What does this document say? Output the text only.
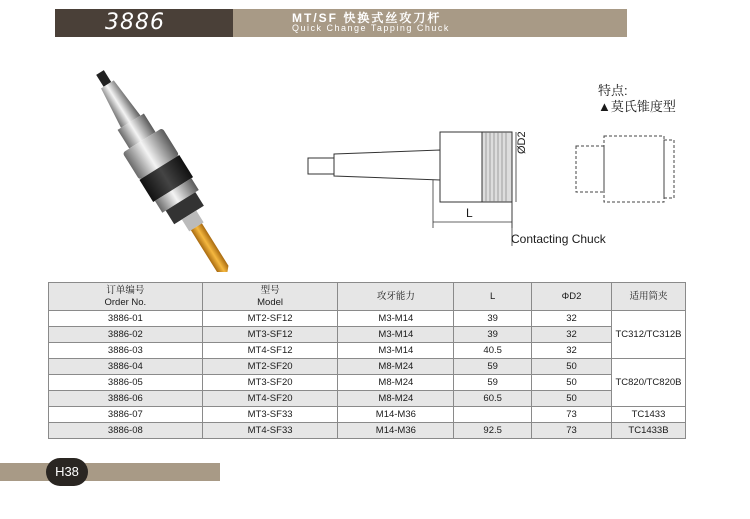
3886	MT/SF 快换式丝攻刀杆
Quick Change Tapping Chuck
ØD2
L
Contacting Chuck
特点:
▲莫氏锥度型
订单编号
Order No.	型号
Model	攻牙能力	L	ΦD2	适用筒夹
3886-01	MT2-SF12	M3-M14	39	32	TC312/TC312B
3886-02	MT3-SF12	M3-M14	39	32	
3886-03	MT4-SF12	M3-M14	40.5	32	
3886-04	MT2-SF20	M8-M24	59	50	TC820/TC820B
3886-05	MT3-SF20	M8-M24	59	50	
3886-06	MT4-SF20	M8-M24	60.5	50	
3886-07	MT3-SF33	M14-M36		73	TC1433
3886-08	MT4-SF33	M14-M36	92.5	73	TC1433B
H38
